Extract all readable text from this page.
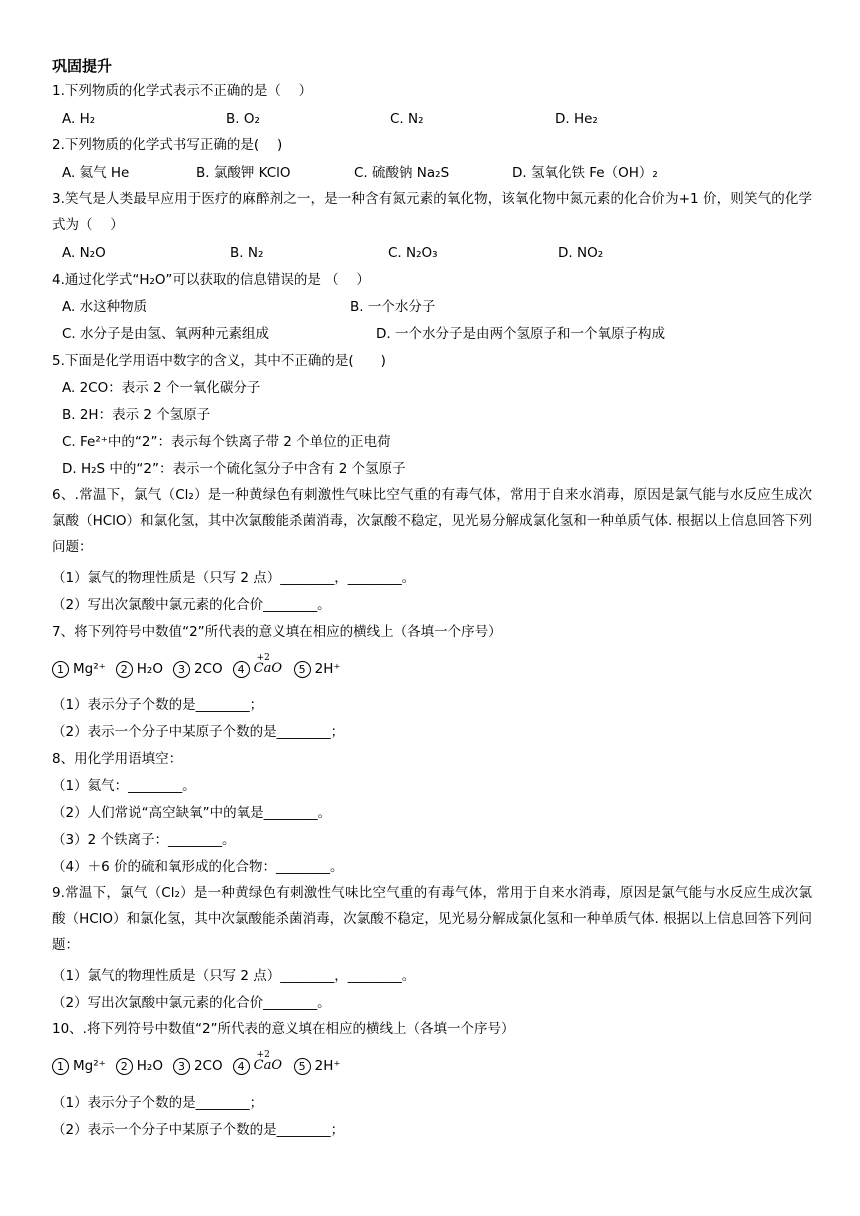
巩固提升
1.下列物质的化学式表示不正确的是（　 ）
A. H₂	B. O₂	C. N₂	D. He₂
2.下列物质的化学式书写正确的是(　 )
A. 氦气 He	B. 氯酸钾 KClO	C. 硫酸钠 Na₂S	D. 氢氧化铁 Fe（OH）₂
3.笑气是人类最早应用于医疗的麻醉剂之一，是一种含有氮元素的氧化物，该氧化物中氮元素的化合价为+1 价，则笑气的化学式为（　 ）
A. N₂O	B. N₂	C. N₂O₃	D. NO₂
4.通过化学式“H₂O”可以获取的信息错误的是 （　 ）
A. 水这种物质	B. 一个水分子
C. 水分子是由氢、氧两种元素组成	D. 一个水分子是由两个氢原子和一个氧原子构成
5.下面是化学用语中数字的含义，其中不正确的是(　　)
A. 2CO：表示 2 个一氧化碳分子
B. 2H：表示 2 个氢原子
C. Fe²⁺中的“2”：表示每个铁离子带 2 个单位的正电荷
D. H₂S 中的“2”：表示一个硫化氢分子中含有 2 个氢原子
6、.常温下，氯气（Cl₂）是一种黄绿色有刺激性气味比空气重的有毒气体，常用于自来水消毒，原因是氯气能与水反应生成次氯酸（HClO）和氯化氢，其中次氯酸能杀菌消毒，次氯酸不稳定，见光易分解成氯化氢和一种单质气体. 根据以上信息回答下列问题：
（1）氯气的物理性质是（只写 2 点）________，________。
（2）写出次氯酸中氯元素的化合价________。
7、将下列符号中数值“2”所代表的意义填在相应的横线上（各填一个序号）
1 Mg²⁺	2 H₂O	3 2CO	4
+2
CaO	5 2H⁺
（1）表示分子个数的是________；
（2）表示一个分子中某原子个数的是________；
8、用化学用语填空：
（1）氦气：________。
（2）人们常说“高空缺氧”中的氧是________。
（3）2 个铁离子：________。
（4）＋6 价的硫和氧形成的化合物：________。
9.常温下，氯气（Cl₂）是一种黄绿色有刺激性气味比空气重的有毒气体，常用于自来水消毒，原因是氯气能与水反应生成次氯酸（HClO）和氯化氢，其中次氯酸能杀菌消毒，次氯酸不稳定，见光易分解成氯化氢和一种单质气体. 根据以上信息回答下列问题：
（1）氯气的物理性质是（只写 2 点）________，________。
（2）写出次氯酸中氯元素的化合价________。
10、.将下列符号中数值“2”所代表的意义填在相应的横线上（各填一个序号）
1 Mg²⁺	2 H₂O	3 2CO	4
+2
CaO	5 2H⁺
（1）表示分子个数的是________；
（2）表示一个分子中某原子个数的是________；
